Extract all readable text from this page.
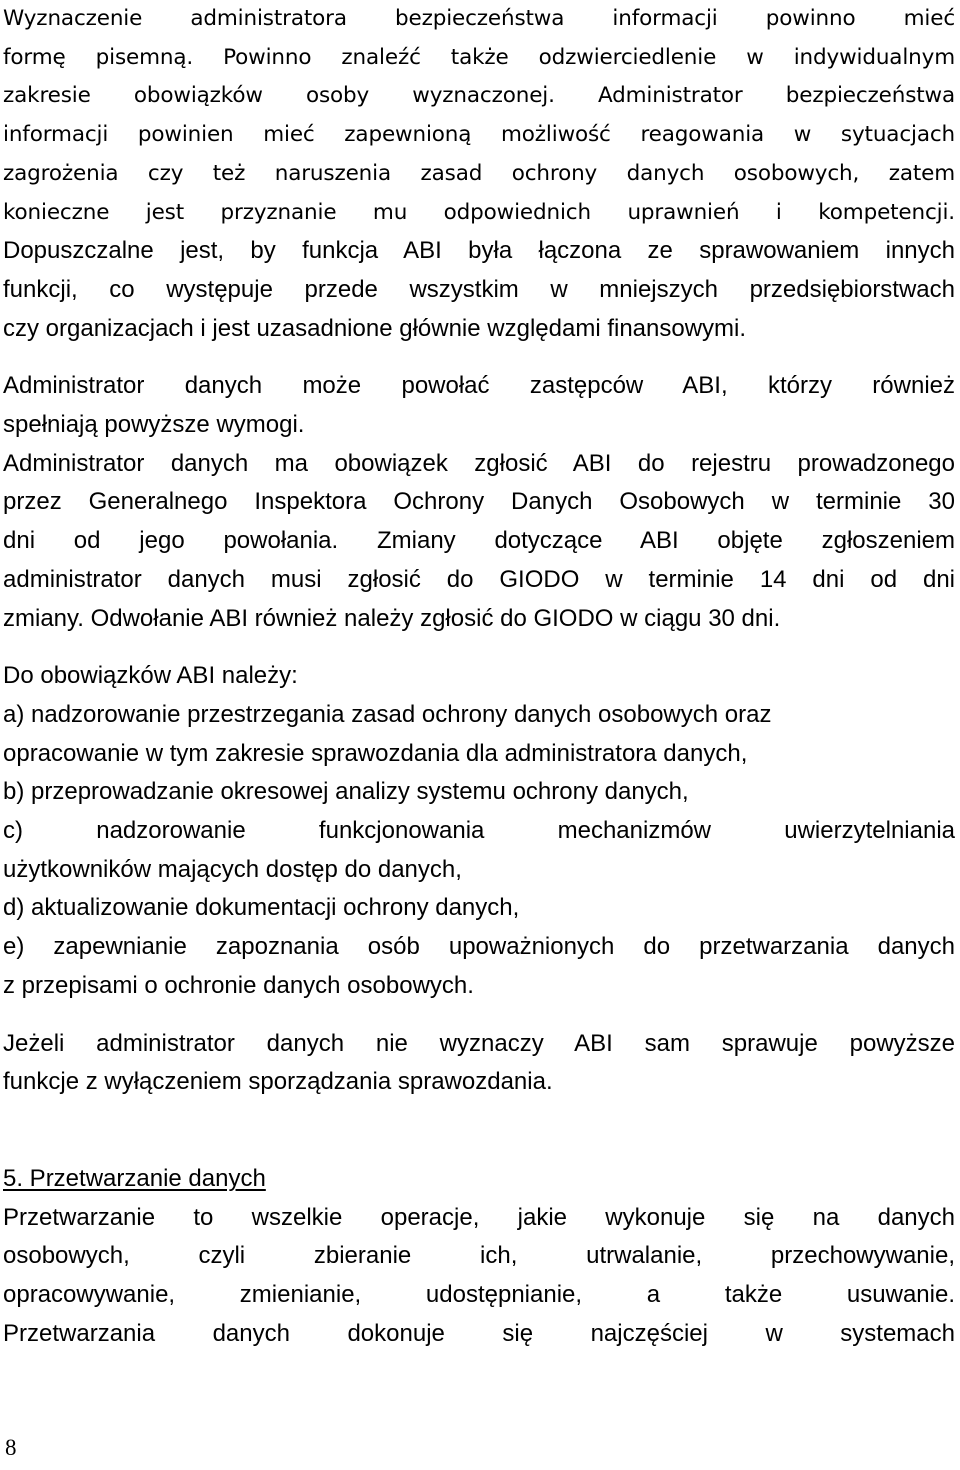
Wyznaczenie administratora bezpieczeństwa informacji powinno mieć
formę pisemną. Powinno znaleźć także odzwierciedlenie w indywidualnym
zakresie obowiązków osoby wyznaczonej. Administrator bezpieczeństwa
informacji powinien mieć zapewnioną możliwość reagowania w sytuacjach
zagrożenia czy też naruszenia zasad ochrony danych osobowych, zatem
konieczne jest przyznanie mu odpowiednich uprawnień i kompetencji.
Dopuszczalne jest, by funkcja ABI była łączona ze sprawowaniem innych
funkcji, co występuje przede wszystkim w mniejszych przedsiębiorstwach
czy organizacjach i jest uzasadnione głównie względami finansowymi.
Administrator danych może powołać zastępców ABI, którzy również
spełniają powyższe wymogi.
Administrator danych ma obowiązek zgłosić ABI do rejestru prowadzonego
przez Generalnego Inspektora Ochrony Danych Osobowych w terminie 30
dni od jego powołania. Zmiany dotyczące ABI objęte zgłoszeniem
administrator danych musi zgłosić do GIODO w terminie 14 dni od dni
zmiany. Odwołanie ABI również należy zgłosić do GIODO w ciągu 30 dni.
Do obowiązków ABI należy:
a) nadzorowanie przestrzegania zasad ochrony danych osobowych oraz
opracowanie w tym zakresie sprawozdania dla administratora danych,
b) przeprowadzanie okresowej analizy systemu ochrony danych,
c) nadzorowanie funkcjonowania mechanizmów uwierzytelniania
użytkowników mających dostęp do danych,
d) aktualizowanie dokumentacji ochrony danych,
e) zapewnianie zapoznania osób upoważnionych do przetwarzania danych
z przepisami o ochronie danych osobowych.
Jeżeli administrator danych nie wyznaczy ABI sam sprawuje powyższe
funkcje z wyłączeniem sporządzania sprawozdania.
5. Przetwarzanie danych
Przetwarzanie to wszelkie operacje, jakie wykonuje się na danych
osobowych, czyli zbieranie ich, utrwalanie, przechowywanie,
opracowywanie, zmienianie, udostępnianie, a także usuwanie.
Przetwarzania danych dokonuje się najczęściej w systemach
8
